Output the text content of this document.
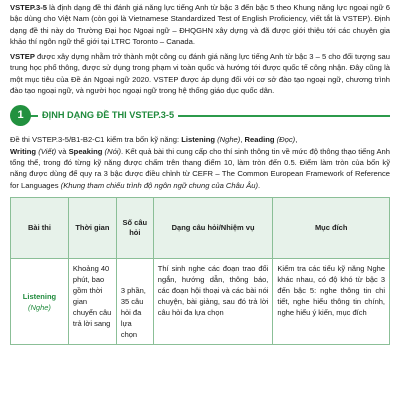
VSTEP.3-5 là định dạng đề thi đánh giá năng lực tiếng Anh từ bậc 3 đến bậc 5 theo Khung năng lực ngoại ngữ 6 bậc dùng cho Việt Nam (còn gọi là Vietnamese Standardized Test of English Proficiency, viết tắt là VSTEP). Định dạng đề thi này do Trường Đại học Ngoại ngữ – ĐHQGHN xây dựng và đã được giới thiệu tới các chuyên gia khảo thí ngôn ngữ thế giới tại LTRC Toronto – Canada.

VSTEP được xây dựng nhằm trở thành một công cụ đánh giá năng lực tiếng Anh từ bậc 3 – 5 cho đối tượng sau trung học phổ thông, được sử dụng trong phạm vi toàn quốc và hướng tới được quốc tế công nhận. Đây cũng là một mục tiêu của Đề án Ngoại ngữ 2020. VSTEP được áp dụng đối với cơ sở đào tạo ngoại ngữ, chương trình đào tạo ngoại ngữ, và người học ngoại ngữ trong hệ thống giáo dục quốc dân.

1	ĐỊNH DẠNG ĐỀ THI VSTEP.3-5

Đề thi VSTEP.3-5/B1-B2-C1 kiểm tra bốn kỹ năng: Listening (Nghe), Reading (Đọc),
Writing (Viết) và Speaking (Nói). Kết quả bài thi cung cấp cho thí sinh thông tin về mức độ thông thạo tiếng Anh tổng thể, trong đó từng kỹ năng được chấm trên thang điểm 10, làm tròn đến 0.5. Điểm làm tròn của bốn kỹ năng được dùng để quy ra 3 bậc được điều chỉnh từ CEFR – The Common European Framework of Reference for Languages (Khung tham chiếu trình độ ngôn ngữ chung của Châu Âu).

Bài thi	Thời gian	Số câu hỏi	Dạng câu hỏi/Nhiệm vụ	Mục đích
Listening
(Nghe)	Khoảng 40 phút, bao gồm thời gian chuyển câu trả lời sang	3 phần, 35 câu hỏi đa lựa chọn	Thí sinh nghe các đoạn trao đổi ngắn, hướng dẫn, thông báo, các đoạn hội thoại và các bài nói chuyện, bài giảng, sau đó trả lời câu hỏi đa lựa chọn	Kiểm tra các tiểu kỹ năng Nghe khác nhau, có độ khó từ bậc 3 đến bậc 5: nghe thông tin chi tiết, nghe hiểu thông tin chính, nghe hiểu ý kiến, mục đích
